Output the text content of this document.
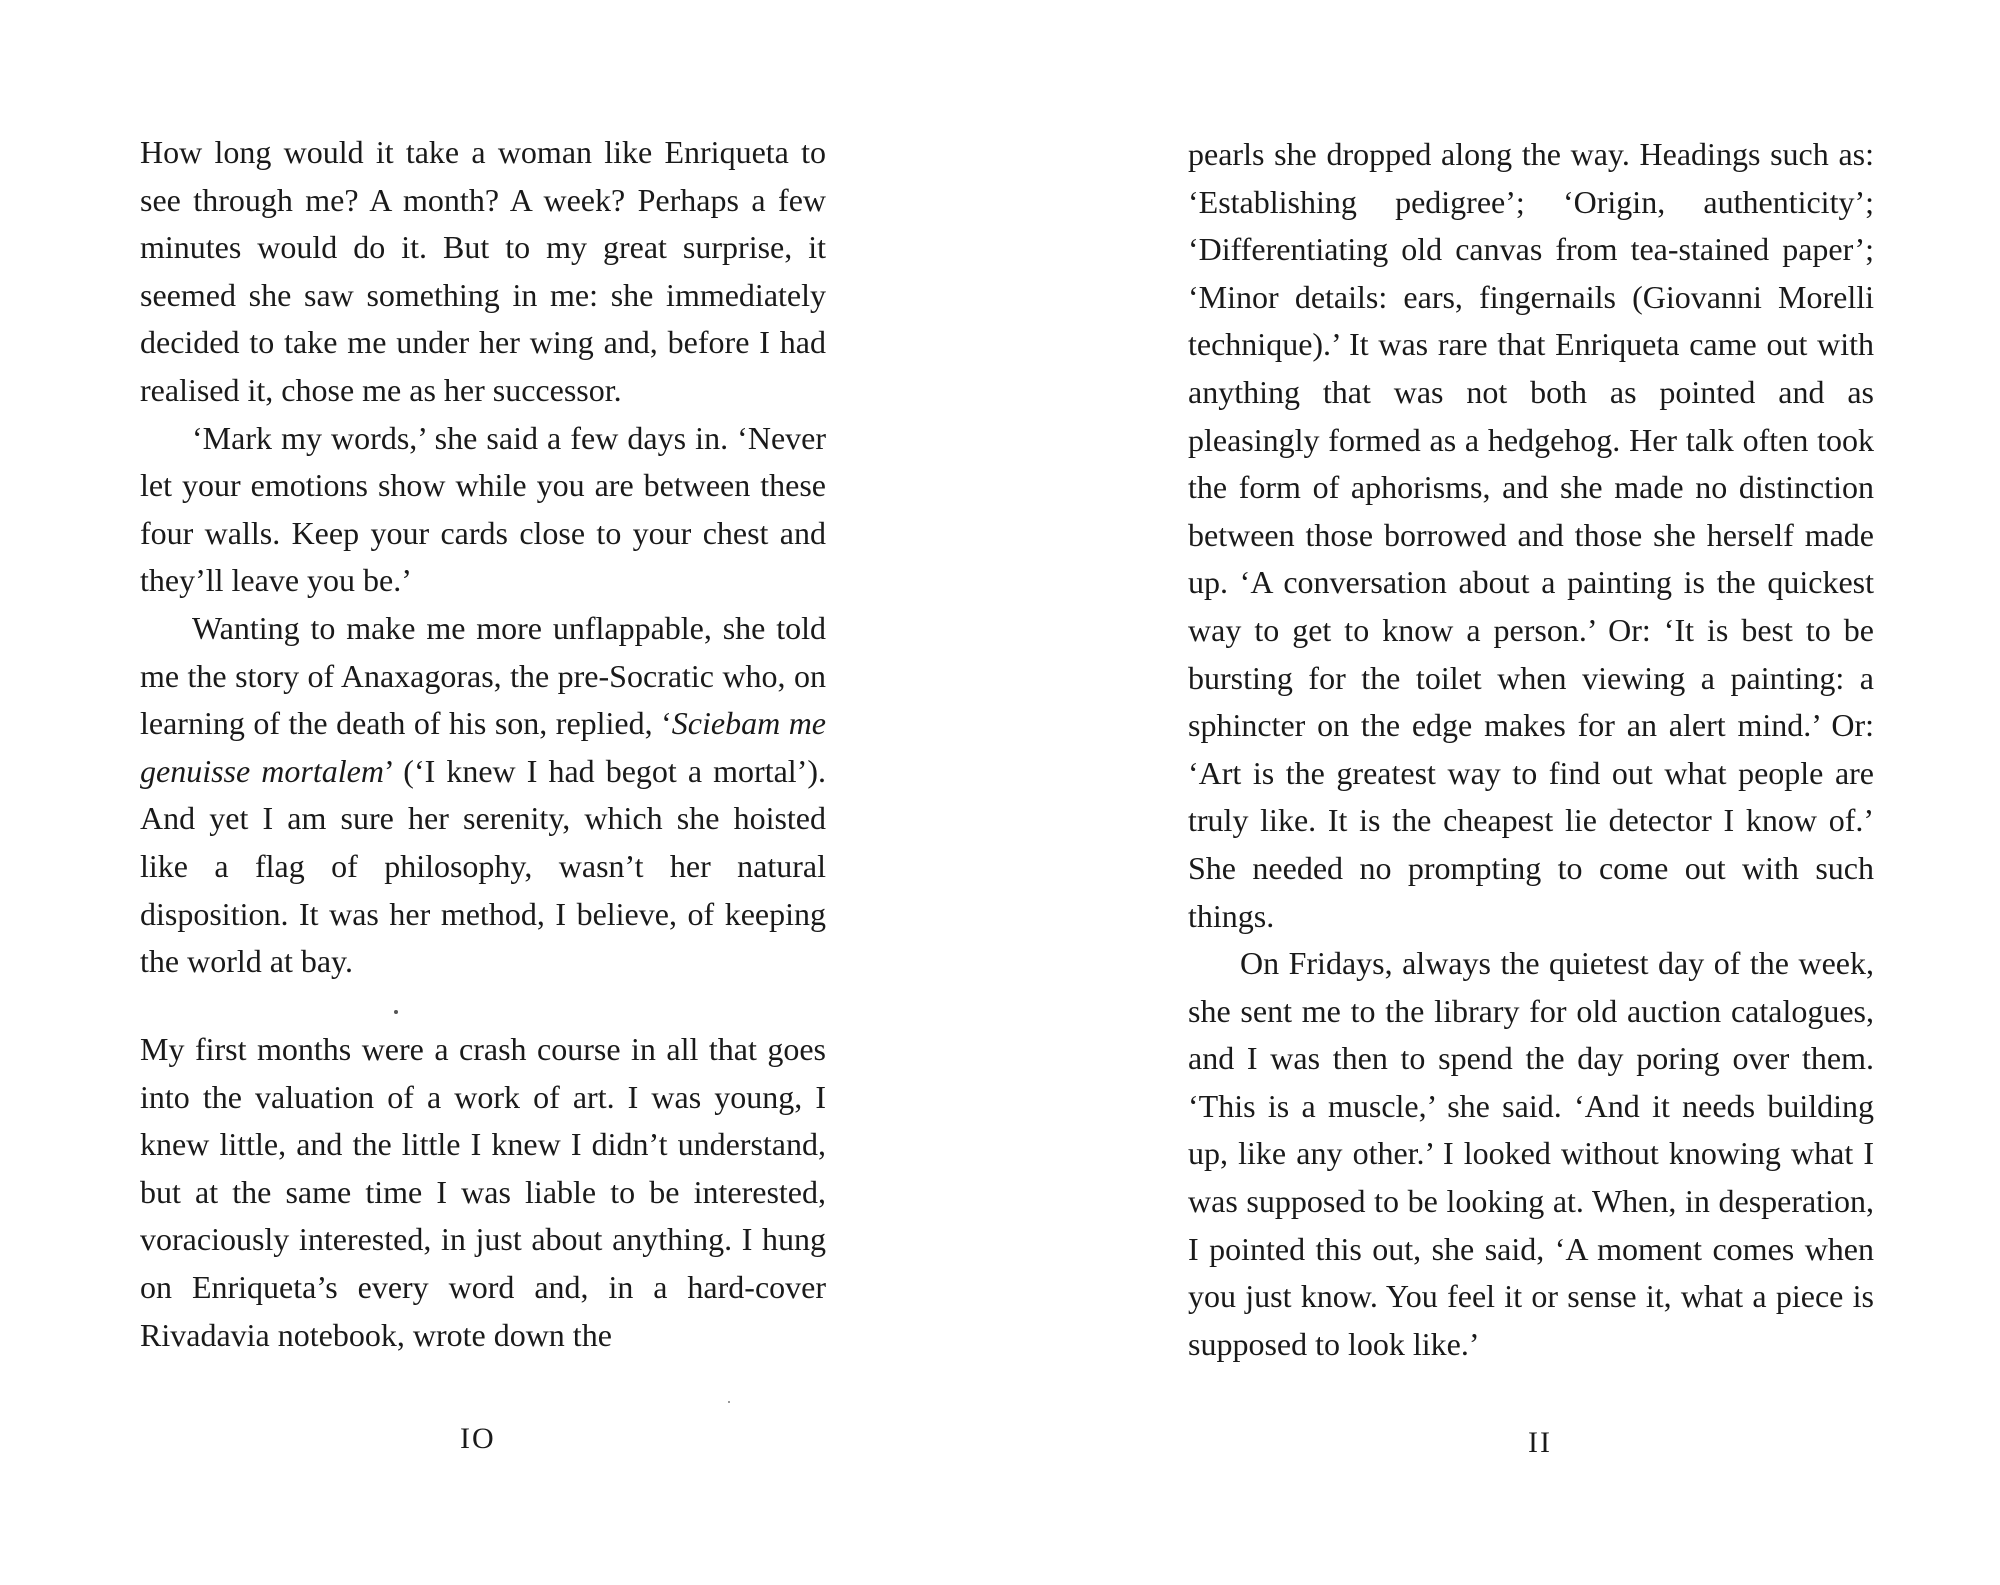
How long would it take a woman like Enriqueta to see through me? A month? A week? Perhaps a few minutes would do it. But to my great surprise, it seemed she saw something in me: she immediately decided to take me under her wing and, before I had realised it, chose me as her successor.

‘Mark my words,’ she said a few days in. ‘Never let your emotions show while you are between these four walls. Keep your cards close to your chest and they’ll leave you be.’

Wanting to make me more unflappable, she told me the story of Anaxagoras, the pre-Socratic who, on learning of the death of his son, replied, ‘Sciebam me genuisse mortalem’ (‘I knew I had begot a mortal’). And yet I am sure her serenity, which she hoisted like a flag of philosophy, wasn’t her natural disposition. It was her method, I believe, of keeping the world at bay.

My first months were a crash course in all that goes into the valuation of a work of art. I was young, I knew little, and the little I knew I didn’t understand, but at the same time I was liable to be interested, voraciously interested, in just about anything. I hung on Enriqueta’s every word and, in a hard-cover Rivadavia notebook, wrote down the

IO

pearls she dropped along the way. Headings such as: ‘Establishing pedigree’; ‘Origin, authenticity’; ‘Differentiating old canvas from tea-stained paper’; ‘Minor details: ears, fingernails (Giovanni Morelli technique).’ It was rare that Enriqueta came out with anything that was not both as pointed and as pleasingly formed as a hedgehog. Her talk often took the form of aphorisms, and she made no distinction between those borrowed and those she herself made up. ‘A conversation about a painting is the quickest way to get to know a person.’ Or: ‘It is best to be bursting for the toilet when viewing a painting: a sphincter on the edge makes for an alert mind.’ Or: ‘Art is the greatest way to find out what people are truly like. It is the cheapest lie detector I know of.’ She needed no prompting to come out with such things.

On Fridays, always the quietest day of the week, she sent me to the library for old auction catalogues, and I was then to spend the day poring over them. ‘This is a muscle,’ she said. ‘And it needs building up, like any other.’ I looked without knowing what I was supposed to be looking at. When, in desperation, I pointed this out, she said, ‘A moment comes when you just know. You feel it or sense it, what a piece is supposed to look like.’

II
